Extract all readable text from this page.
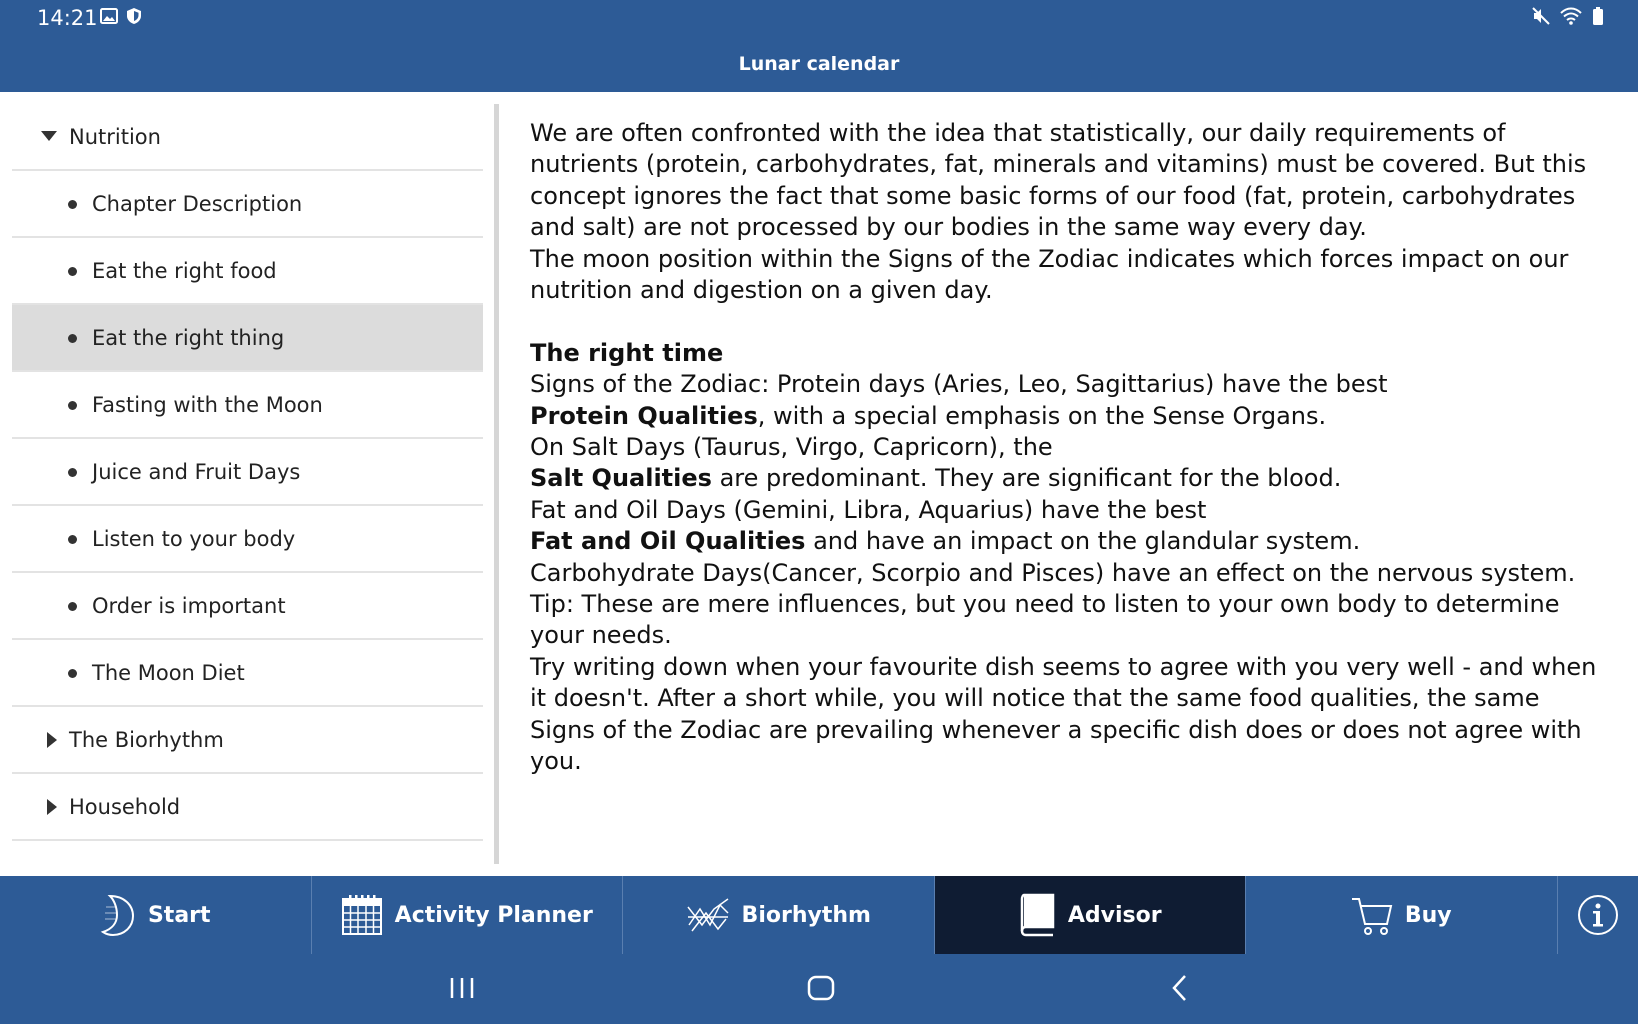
14:21
Lunar calendar
Nutrition
Chapter Description
Eat the right food
Eat the right thing
Fasting with the Moon
Juice and Fruit Days
Listen to your body
Order is important
The Moon Diet
The Biorhythm
Household

We are often confronted with the idea that statistically, our daily requirements of nutrients (protein, carbohydrates, fat, minerals and vitamins) must be covered. But this concept ignores the fact that some basic forms of our food (fat, protein, carbohydrates and salt) are not processed by our bodies in the same way every day.

The moon position within the Signs of the Zodiac indicates which forces impact on our nutrition and digestion on a given day.

The right time

Signs of the Zodiac: Protein days (Aries, Leo, Sagittarius) have the best

Protein Qualities, with a special emphasis on the Sense Organs.

On Salt Days (Taurus, Virgo, Capricorn), the

Salt Qualities are predominant. They are significant for the blood.

Fat and Oil Days (Gemini, Libra, Aquarius) have the best

Fat and Oil Qualities and have an impact on the glandular system.

Carbohydrate Days(Cancer, Scorpio and Pisces) have an effect on the nervous system.

Tip: These are mere influences, but you need to listen to your own body to determine your needs.

Try writing down when your favourite dish seems to agree with you very well - and when it doesn't. After a short while, you will notice that the same food qualities, the same Signs of the Zodiac are prevailing whenever a specific dish does or does not agree with you.

Start	Activity Planner	Biorhythm	Advisor	Buy
